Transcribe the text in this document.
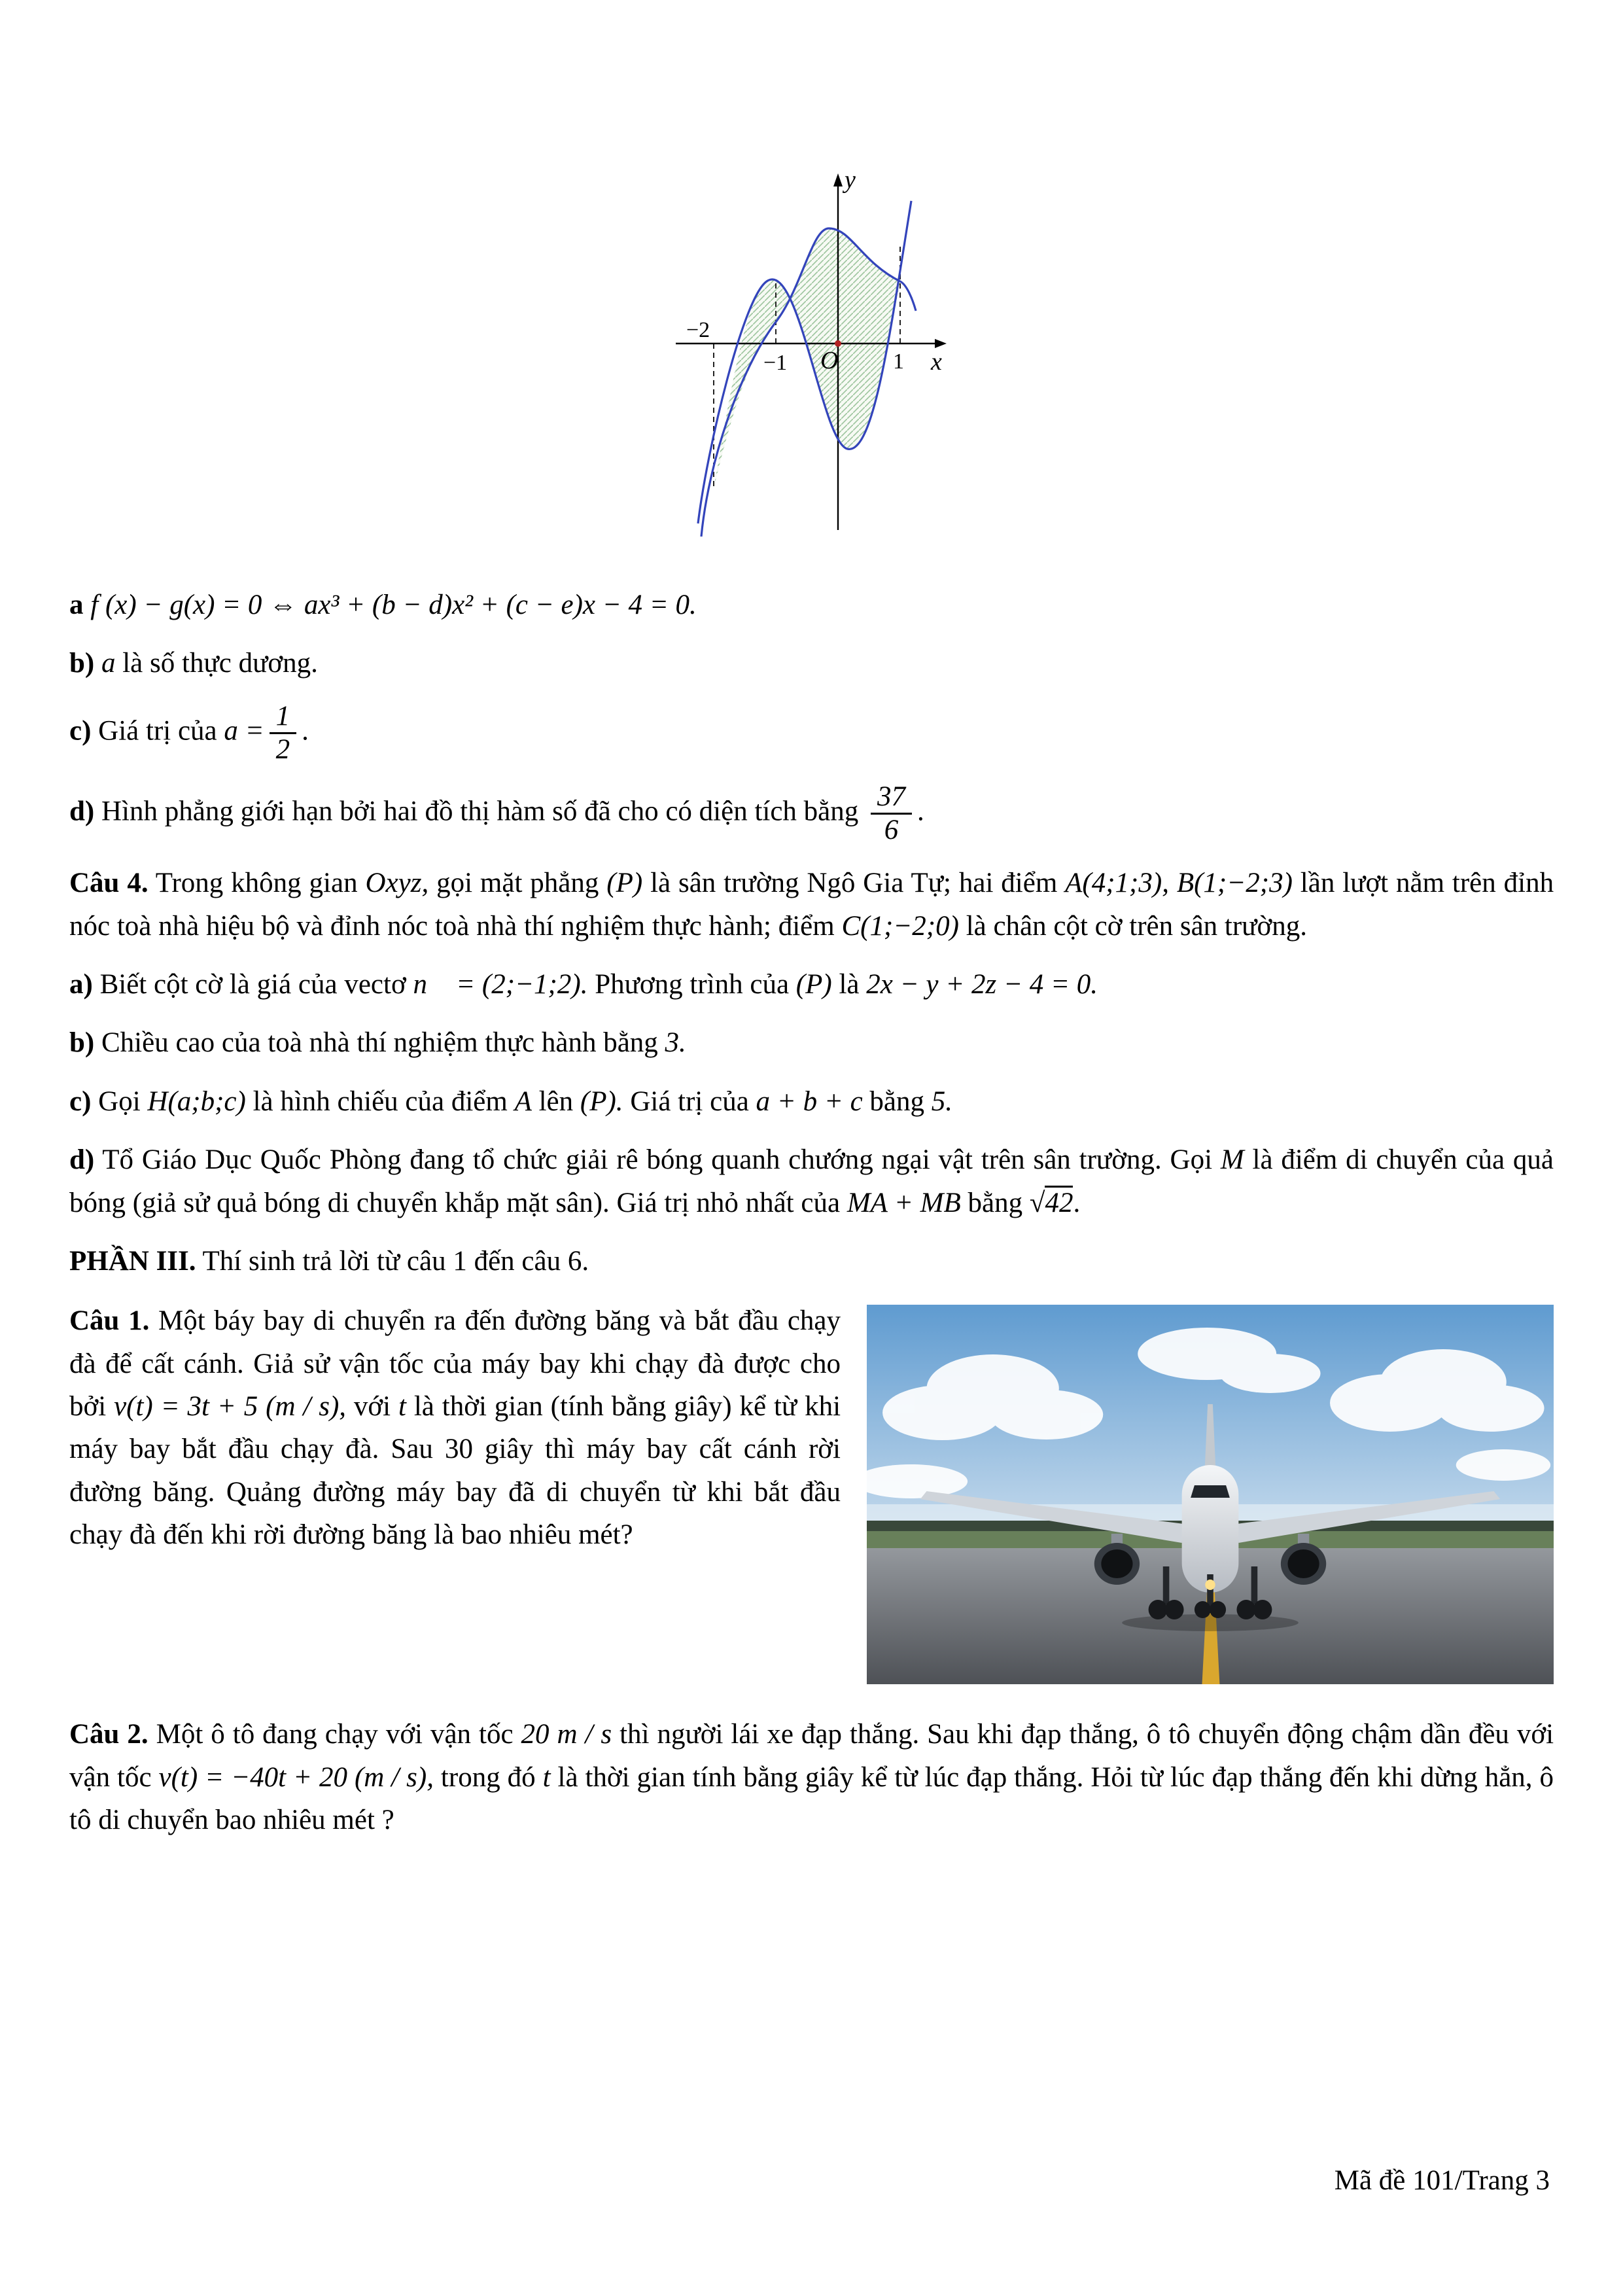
y
x
O
−2
−1	1

a f (x) − g(x) = 0 ⇔ ax³ + (b − d)x² + (c − e)x − 4 = 0.

b) a là số thực dương.

c) Giá trị của $a = \frac{1}{2}$ .

d) Hình phẳng giới hạn bởi hai đồ thị hàm số đã cho có diện tích bằng $\frac{37}{6}$ .

Câu 4. Trong không gian Oxyz, gọi mặt phẳng (P) là sân trường Ngô Gia Tự; hai điểm A(4;1;3), B(1;−2;3) lần lượt nằm trên đỉnh nóc toà nhà hiệu bộ và đỉnh nóc toà nhà thí nghiệm thực hành; điểm C(1;−2;0) là chân cột cờ trên sân trường.

a) Biết cột cờ là giá của vectơ n⃗ = (2;−1;2). Phương trình của (P) là 2x − y + 2z − 4 = 0.

b) Chiều cao của toà nhà thí nghiệm thực hành bằng 3.

c) Gọi H(a;b;c) là hình chiếu của điểm A lên (P). Giá trị của a + b + c bằng 5.

d) Tổ Giáo Dục Quốc Phòng đang tổ chức giải rê bóng quanh chướng ngại vật trên sân trường. Gọi M là điểm di chuyển của quả bóng (giả sử quả bóng di chuyển khắp mặt sân). Giá trị nhỏ nhất của MA + MB bằng √42.

PHẦN III. Thí sinh trả lời từ câu 1 đến câu 6.

Câu 1. Một báy bay di chuyển ra đến đường băng và bắt đầu chạy đà để cất cánh. Giả sử vận tốc của máy bay khi chạy đà được cho bởi v(t) = 3t + 5 (m / s), với t là thời gian (tính bằng giây) kể từ khi máy bay bắt đầu chạy đà. Sau 30 giây thì máy bay cất cánh rời đường băng. Quảng đường máy bay đã di chuyển từ khi bắt đầu chạy đà đến khi rời đường băng là bao nhiêu mét?

Câu 2. Một ô tô đang chạy với vận tốc 20 m / s thì người lái xe đạp thắng. Sau khi đạp thắng, ô tô chuyển động chậm dần đều với vận tốc v(t) = −40t + 20 (m / s), trong đó t là thời gian tính bằng giây kể từ lúc đạp thắng. Hỏi từ lúc đạp thắng đến khi dừng hẳn, ô tô di chuyển bao nhiêu mét ?

Mã đề 101/Trang 3
